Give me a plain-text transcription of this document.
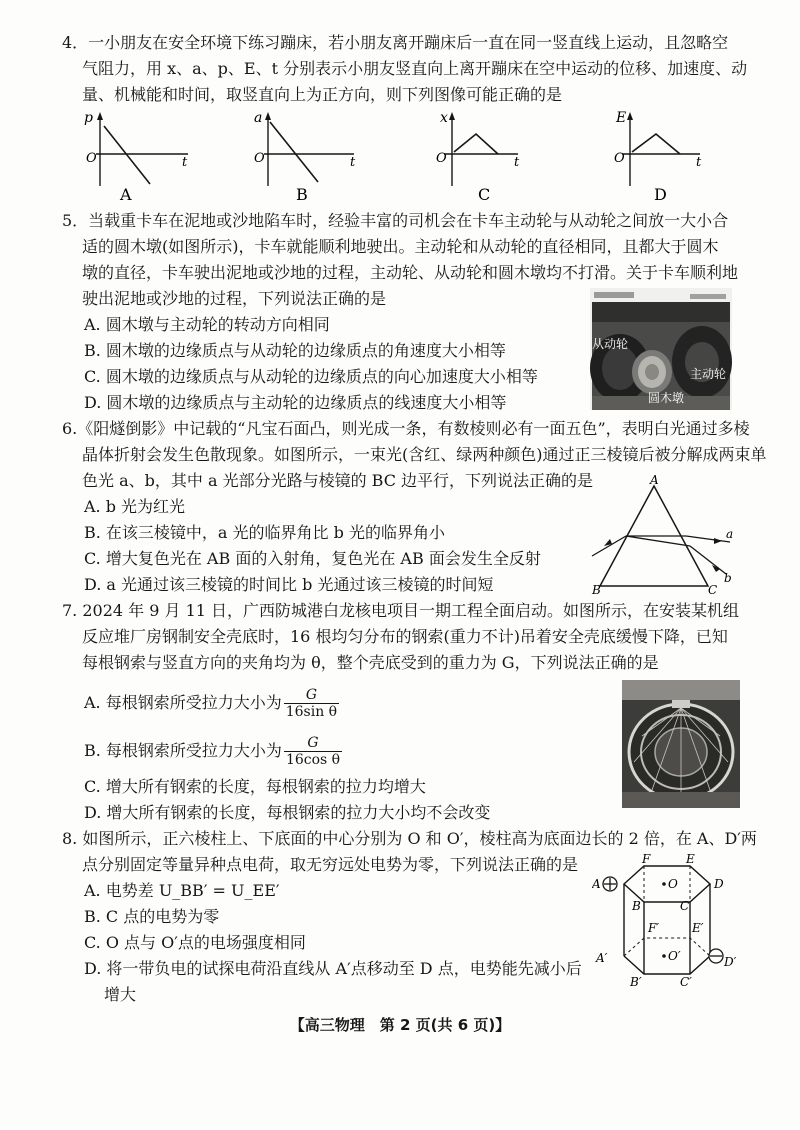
4．一小朋友在安全环境下练习蹦床，若小朋友离开蹦床后一直在同一竖直线上运动，且忽略空
气阻力，用 x、a、p、E、t 分别表示小朋友竖直向上离开蹦床在空中运动的位移、加速度、动
量、机械能和时间，取竖直向上为正方向，则下列图像可能正确的是
p
O	t
A
a
O	t
B
x
O	t
C
E
O	t
D
5．当载重卡车在泥地或沙地陷车时，经验丰富的司机会在卡车主动轮与从动轮之间放一大小合
适的圆木墩(如图所示)，卡车就能顺利地驶出。主动轮和从动轮的直径相同，且都大于圆木
墩的直径，卡车驶出泥地或沙地的过程，主动轮、从动轮和圆木墩均不打滑。关于卡车顺利地
驶出泥地或沙地的过程，下列说法正确的是
A. 圆木墩与主动轮的转动方向相同
B. 圆木墩的边缘质点与从动轮的边缘质点的角速度大小相等
C. 圆木墩的边缘质点与从动轮的边缘质点的向心加速度大小相等
D. 圆木墩的边缘质点与主动轮的边缘质点的线速度大小相等
从动轮
主动轮
圆木墩
6.《阳燧倒影》中记载的“凡宝石面凸，则光成一条，有数棱则必有一面五色”，表明白光通过多棱
晶体折射会发生色散现象。如图所示，一束光(含红、绿两种颜色)通过正三棱镜后被分解成两束单
色光 a、b，其中 a 光部分光路与棱镜的 BC 边平行，下列说法正确的是
A. b 光为红光
B. 在该三棱镜中，a 光的临界角比 b 光的临界角小
C. 增大复色光在 AB 面的入射角，复色光在 AB 面会发生全反射
D. a 光通过该三棱镜的时间比 b 光通过该三棱镜的时间短
A
B	C
a
b
7. 2024 年 9 月 11 日，广西防城港白龙核电项目一期工程全面启动。如图所示，在安装某机组
反应堆厂房钢制安全壳底时，16 根均匀分布的钢索(重力不计)吊着安全壳底缓慢下降，已知
每根钢索与竖直方向的夹角均为 θ，整个壳底受到的重力为 G，下列说法正确的是
A. 每根钢索所受拉力大小为 $\frac{G}{\text{16sin θ}}$
B. 每根钢索所受拉力大小为 $\frac{G}{\text{16cos θ}}$
C. 增大所有钢索的长度，每根钢索的拉力均增大
D. 增大所有钢索的长度，每根钢索的拉力大小均不会改变
8. 如图所示，正六棱柱上、下底面的中心分别为 O 和 O′，棱柱高为底面边长的 2 倍，在 A、D′两
点分别固定等量异种点电荷，取无穷远处电势为零，下列说法正确的是
A. 电势差 U_BB′ = U_EE′
B. C 点的电势为零
C. O 点与 O′点的电场强度相同
D. 将一带负电的试探电荷沿直线从 A′点移动至 D 点，电势能先减小后
增大
A
B	C
D
E
F
O
A′
B′	C′
D′
E′
F′
O′
【高三物理　第 2 页(共 6 页)】
